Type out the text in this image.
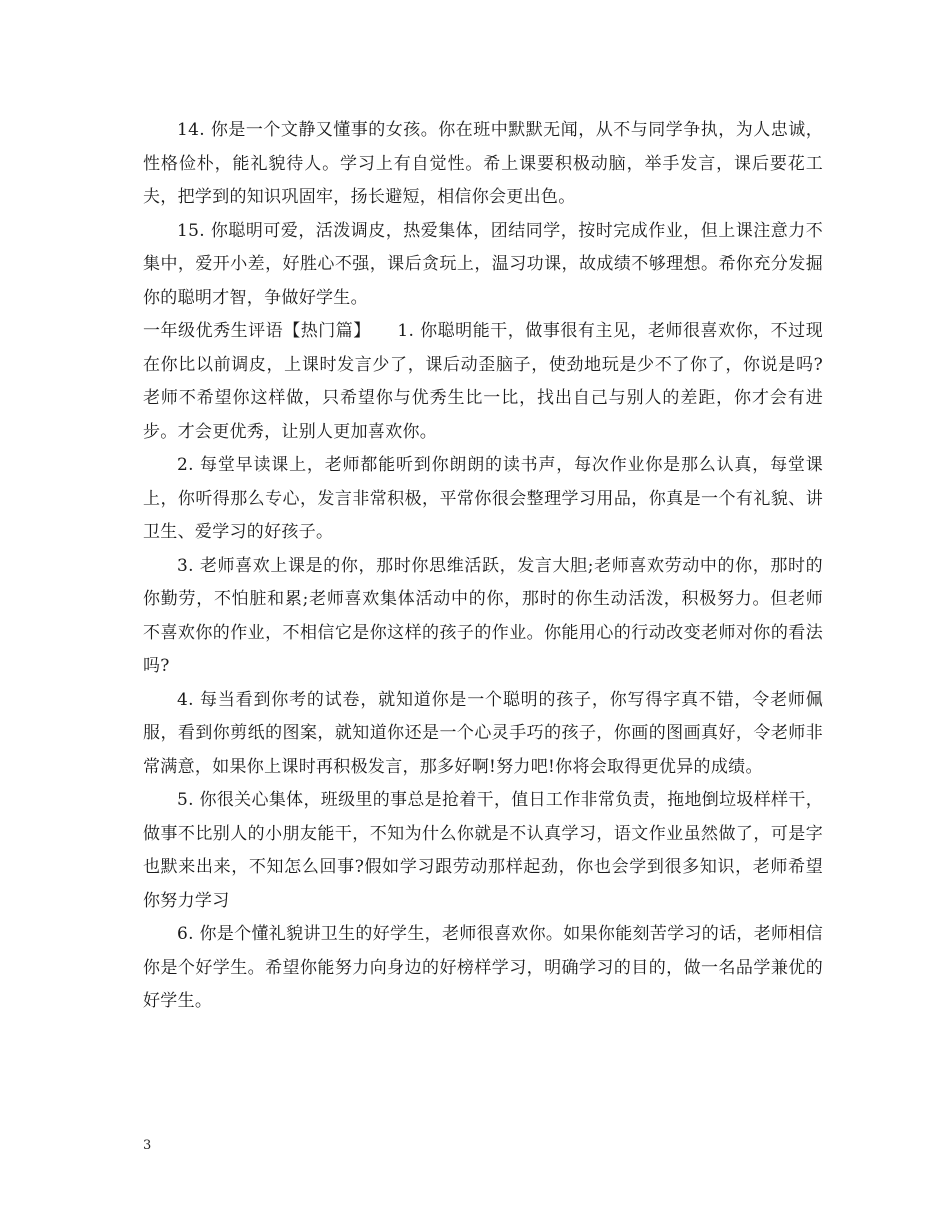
14. 你是一个文静又懂事的女孩。你在班中默默无闻，从不与同学争执，为人忠诚，性格俭朴，能礼貌待人。学习上有自觉性。希上课要积极动脑，举手发言，课后要花工夫，把学到的知识巩固牢，扬长避短，相信你会更出色。

15. 你聪明可爱，活泼调皮，热爱集体，团结同学，按时完成作业，但上课注意力不集中，爱开小差，好胜心不强，课后贪玩上，温习功课，故成绩不够理想。希你充分发掘你的聪明才智，争做好学生。

一年级优秀生评语【热门篇】　　1. 你聪明能干，做事很有主见，老师很喜欢你，不过现在你比以前调皮，上课时发言少了，课后动歪脑子，使劲地玩是少不了你了，你说是吗?老师不希望你这样做，只希望你与优秀生比一比，找出自己与别人的差距，你才会有进步。才会更优秀，让别人更加喜欢你。

2. 每堂早读课上，老师都能听到你朗朗的读书声，每次作业你是那么认真，每堂课上，你听得那么专心，发言非常积极，平常你很会整理学习用品，你真是一个有礼貌、讲卫生、爱学习的好孩子。

3. 老师喜欢上课是的你，那时你思维活跃，发言大胆;老师喜欢劳动中的你，那时的你勤劳，不怕脏和累;老师喜欢集体活动中的你，那时的你生动活泼，积极努力。但老师不喜欢你的作业，不相信它是你这样的孩子的作业。你能用心的行动改变老师对你的看法吗?

4. 每当看到你考的试卷，就知道你是一个聪明的孩子，你写得字真不错，令老师佩服，看到你剪纸的图案，就知道你还是一个心灵手巧的孩子，你画的图画真好，令老师非常满意，如果你上课时再积极发言，那多好啊!努力吧!你将会取得更优异的成绩。

5. 你很关心集体，班级里的事总是抢着干，值日工作非常负责，拖地倒垃圾样样干，做事不比别人的小朋友能干，不知为什么你就是不认真学习，语文作业虽然做了，可是字也默来出来，不知怎么回事?假如学习跟劳动那样起劲，你也会学到很多知识，老师希望你努力学习

6. 你是个懂礼貌讲卫生的好学生，老师很喜欢你。如果你能刻苦学习的话，老师相信你是个好学生。希望你能努力向身边的好榜样学习，明确学习的目的，做一名品学兼优的好学生。

3
